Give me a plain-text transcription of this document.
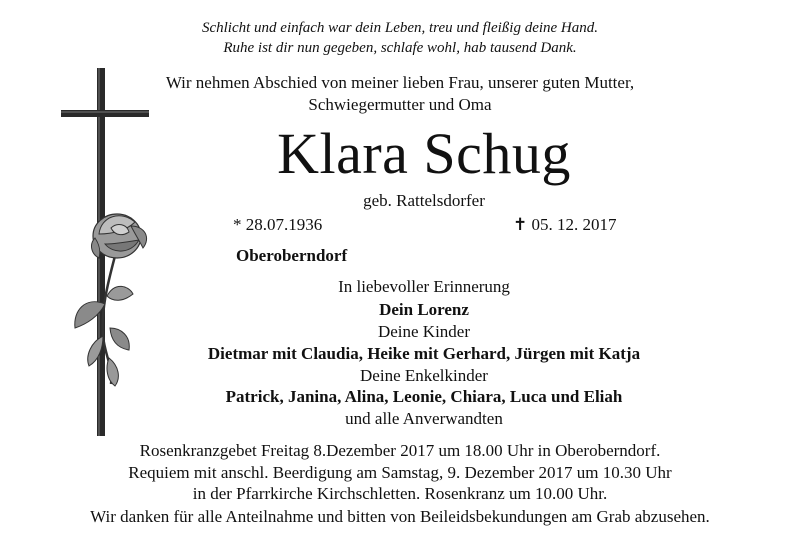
Schlicht und einfach war dein Leben, treu und fleißig deine Hand.
Ruhe ist dir nun gegeben, schlafe wohl, hab tausend Dank.
Wir nehmen Abschied von meiner lieben Frau, unserer guten Mutter,
Schwiegermutter und Oma
Klara Schug
geb. Rattelsdorfer
* 28.07.1936	✝ 05. 12. 2017
Oberoberndorf
In liebevoller Erinnerung
Dein Lorenz
Deine Kinder
Dietmar mit Claudia, Heike mit Gerhard, Jürgen mit Katja
Deine Enkelkinder
Patrick, Janina, Alina, Leonie, Chiara, Luca und Eliah
und alle Anverwandten
Rosenkranzgebet Freitag 8.Dezember 2017 um 18.00 Uhr in Oberoberndorf.
Requiem mit anschl. Beerdigung am Samstag, 9. Dezember 2017 um 10.30 Uhr
in der Pfarrkirche Kirchschletten. Rosenkranz um 10.00 Uhr.
Wir danken für alle Anteilnahme und bitten von Beileidsbekundungen am Grab abzusehen.
